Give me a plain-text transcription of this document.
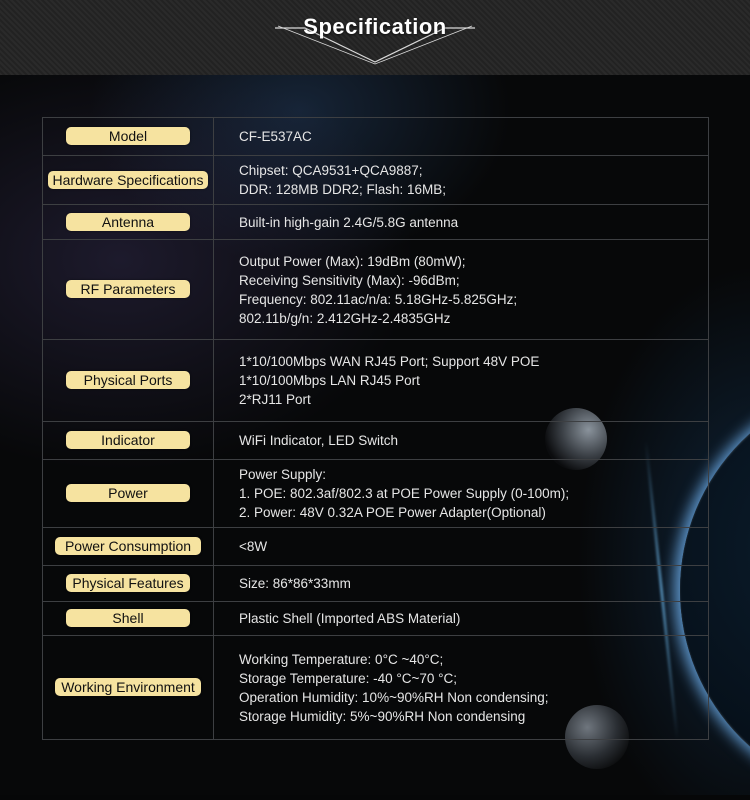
Specification
Model	CF-E537AC

Hardware Specifications	Chipset: QCA9531+QCA9887;
DDR: 128MB DDR2; Flash: 16MB;

Antenna	Built-in high-gain 2.4G/5.8G antenna

RF Parameters	Output Power (Max): 19dBm (80mW);
Receiving Sensitivity (Max): -96dBm;
Frequency: 802.11ac/n/a: 5.18GHz-5.825GHz;
802.11b/g/n: 2.412GHz-2.4835GHz

Physical Ports	1*10/100Mbps WAN RJ45 Port; Support 48V POE
1*10/100Mbps LAN RJ45 Port
2*RJ11 Port

Indicator	WiFi Indicator, LED Switch

Power	Power Supply:
1. POE: 802.3af/802.3 at POE Power Supply (0-100m);
2. Power: 48V 0.32A POE Power Adapter(Optional)

Power Consumption	<8W

Physical Features	Size: 86*86*33mm

Shell	Plastic Shell (Imported ABS Material)

Working Environment	Working Temperature: 0°C ~40°C;
Storage Temperature: -40 °C~70 °C;
Operation Humidity: 10%~90%RH Non condensing;
Storage Humidity: 5%~90%RH Non condensing
